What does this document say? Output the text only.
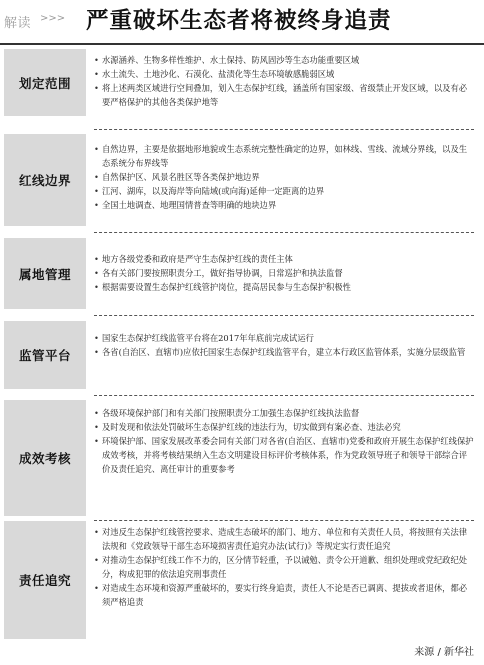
解读 >>> 严重破坏生态者将被终身追责
划定范围
• 水源涵养、生物多样性维护、水土保持、防风固沙等生态功能重要区域
• 水土流失、土地沙化、石漠化、盐渍化等生态环境敏感脆弱区域
• 将上述两类区域进行空间叠加，划入生态保护红线，涵盖所有国家级、省级禁止开发区域，以及有必要严格保护的其他各类保护地等
红线边界
• 自然边界，主要是依据地形地貌或生态系统完整性确定的边界，如林线、雪线、流域分界线，以及生态系统分布界线等
• 自然保护区、风景名胜区等各类保护地边界
• 江河、湖库，以及海岸等向陆域(或向海)延伸一定距离的边界
• 全国土地调查、地理国情普查等明确的地块边界
属地管理
• 地方各级党委和政府是严守生态保护红线的责任主体
• 各有关部门要按照职责分工，做好指导协调，日常巡护和执法监督
• 根据需要设置生态保护红线管护岗位，提高居民参与生态保护积极性
监管平台
• 国家生态保护红线监管平台将在2017年年底前完成试运行
• 各省(自治区、直辖市)应依托国家生态保护红线监管平台，建立本行政区监管体系，实施分层级监管
成效考核
• 各级环境保护部门和有关部门按照职责分工加强生态保护红线执法监督
• 及时发现和依法处罚破坏生态保护红线的违法行为，切实做到有案必查、违法必究
• 环境保护部、国家发展改革委会同有关部门对各省(自治区、直辖市)党委和政府开展生态保护红线保护成效考核，并将考核结果纳入生态文明建设目标评价考核体系，作为党政领导班子和领导干部综合评价及责任追究、离任审计的重要参考
责任追究
• 对违反生态保护红线管控要求、造成生态破坏的部门、地方、单位和有关责任人员，将按照有关法律法规和《党政领导干部生态环境损害责任追究办法(试行)》等规定实行责任追究
• 对推动生态保护红线工作不力的，区分情节轻重，予以诫勉、责令公开道歉、组织处理或党纪政纪处分，构成犯罪的依法追究刑事责任
• 对造成生态环境和资源严重破坏的，要实行终身追责，责任人不论是否已调离、提拔或者退休，都必须严格追责
来源 / 新华社
